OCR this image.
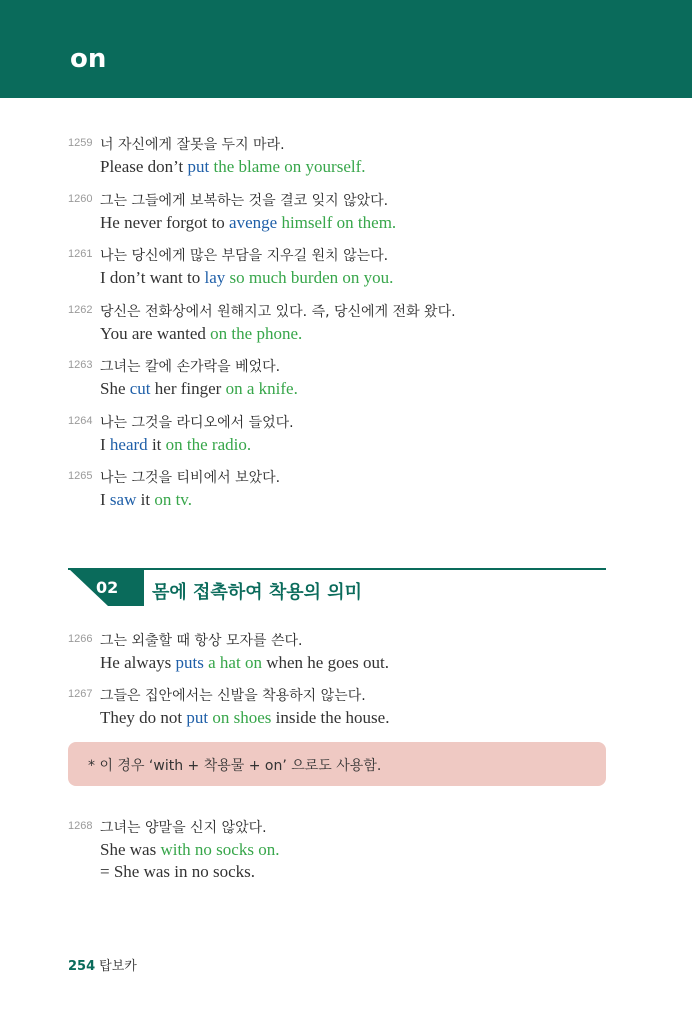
on
1259 너 자신에게 잘못을 두지 마라.
Please don’t put the blame on yourself.
1260 그는 그들에게 보복하는 것을 결코 잊지 않았다.
He never forgot to avenge himself on them.
1261 나는 당신에게 많은 부담을 지우길 원치 않는다.
I don’t want to lay so much burden on you.
1262 당신은 전화상에서 원해지고 있다. 즉, 당신에게 전화 왔다.
You are wanted on the phone.
1263 그녀는 칼에 손가락을 베었다.
She cut her finger on a knife.
1264 나는 그것을 라디오에서 들었다.
I heard it on the radio.
1265 나는 그것을 티비에서 보았다.
I saw it on tv.
02 몸에 접촉하여 착용의 의미
1266 그는 외출할 때 항상 모자를 쓴다.
He always puts a hat on when he goes out.
1267 그들은 집안에서는 신발을 착용하지 않는다.
They do not put on shoes inside the house.
* 이 경우 ‘with + 착용물 + on’ 으로도 사용함.
1268 그녀는 양말을 신지 않았다.
She was with no socks on.
= She was in no socks.
254 탑보카
